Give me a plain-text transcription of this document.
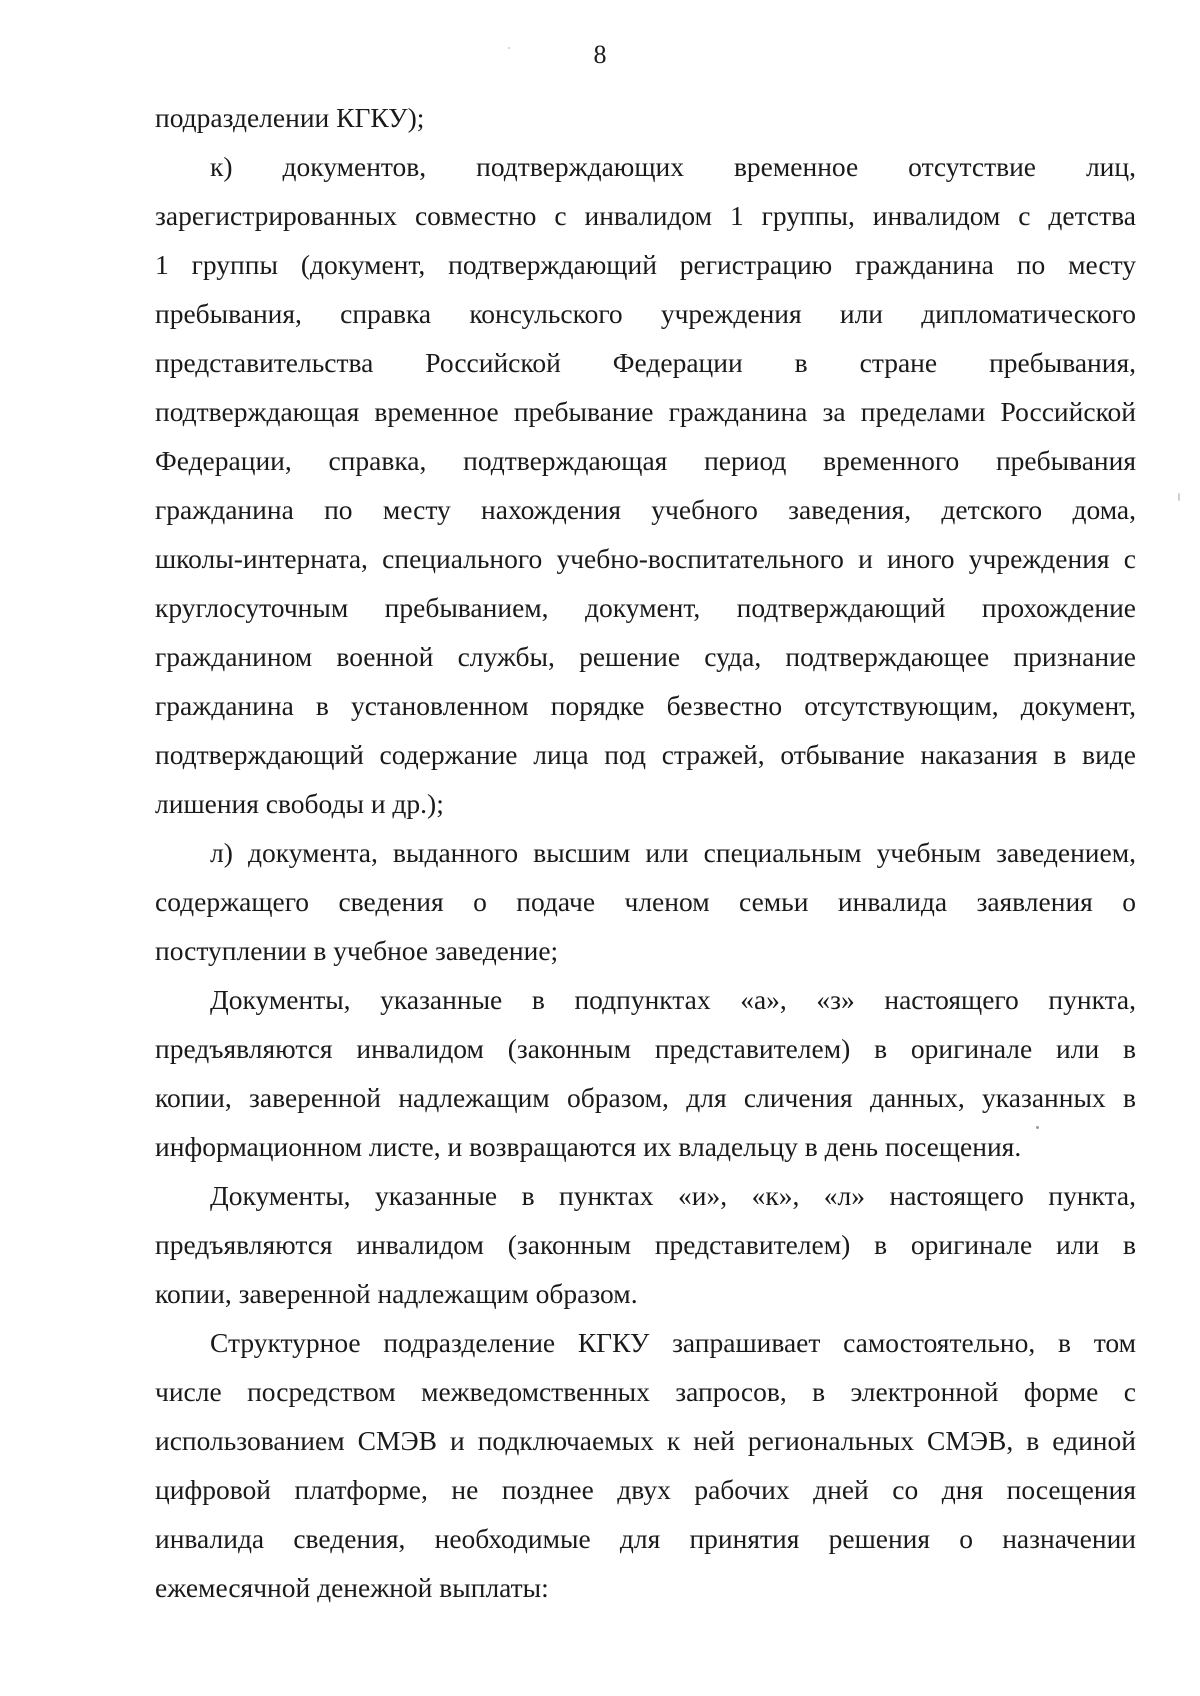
8
подразделении КГКУ);
к) документов, подтверждающих временное отсутствие лиц,
зарегистрированных совместно с инвалидом 1 группы, инвалидом с детства
1 группы (документ, подтверждающий регистрацию гражданина по месту
пребывания, справка консульского учреждения или дипломатического
представительства Российской Федерации в стране пребывания,
подтверждающая временное пребывание гражданина за пределами Российской
Федерации, справка, подтверждающая период временного пребывания
гражданина по месту нахождения учебного заведения, детского дома,
школы-интерната, специального учебно-воспитательного и иного учреждения с
круглосуточным пребыванием, документ, подтверждающий прохождение
гражданином военной службы, решение суда, подтверждающее признание
гражданина в установленном порядке безвестно отсутствующим, документ,
подтверждающий содержание лица под стражей, отбывание наказания в виде
лишения свободы и др.);
л) документа, выданного высшим или специальным учебным заведением,
содержащего сведения о подаче членом семьи инвалида заявления о
поступлении в учебное заведение;
Документы, указанные в подпунктах «а», «з» настоящего пункта,
предъявляются инвалидом (законным представителем) в оригинале или в
копии, заверенной надлежащим образом, для сличения данных, указанных в
информационном листе, и возвращаются их владельцу в день посещения.
Документы, указанные в пунктах «и», «к», «л» настоящего пункта,
предъявляются инвалидом (законным представителем) в оригинале или в
копии, заверенной надлежащим образом.
Структурное подразделение КГКУ запрашивает самостоятельно, в том
числе посредством межведомственных запросов, в электронной форме с
использованием СМЭВ и подключаемых к ней региональных СМЭВ, в единой
цифровой платформе, не позднее двух рабочих дней со дня посещения
инвалида сведения, необходимые для принятия решения о назначении
ежемесячной денежной выплаты:
